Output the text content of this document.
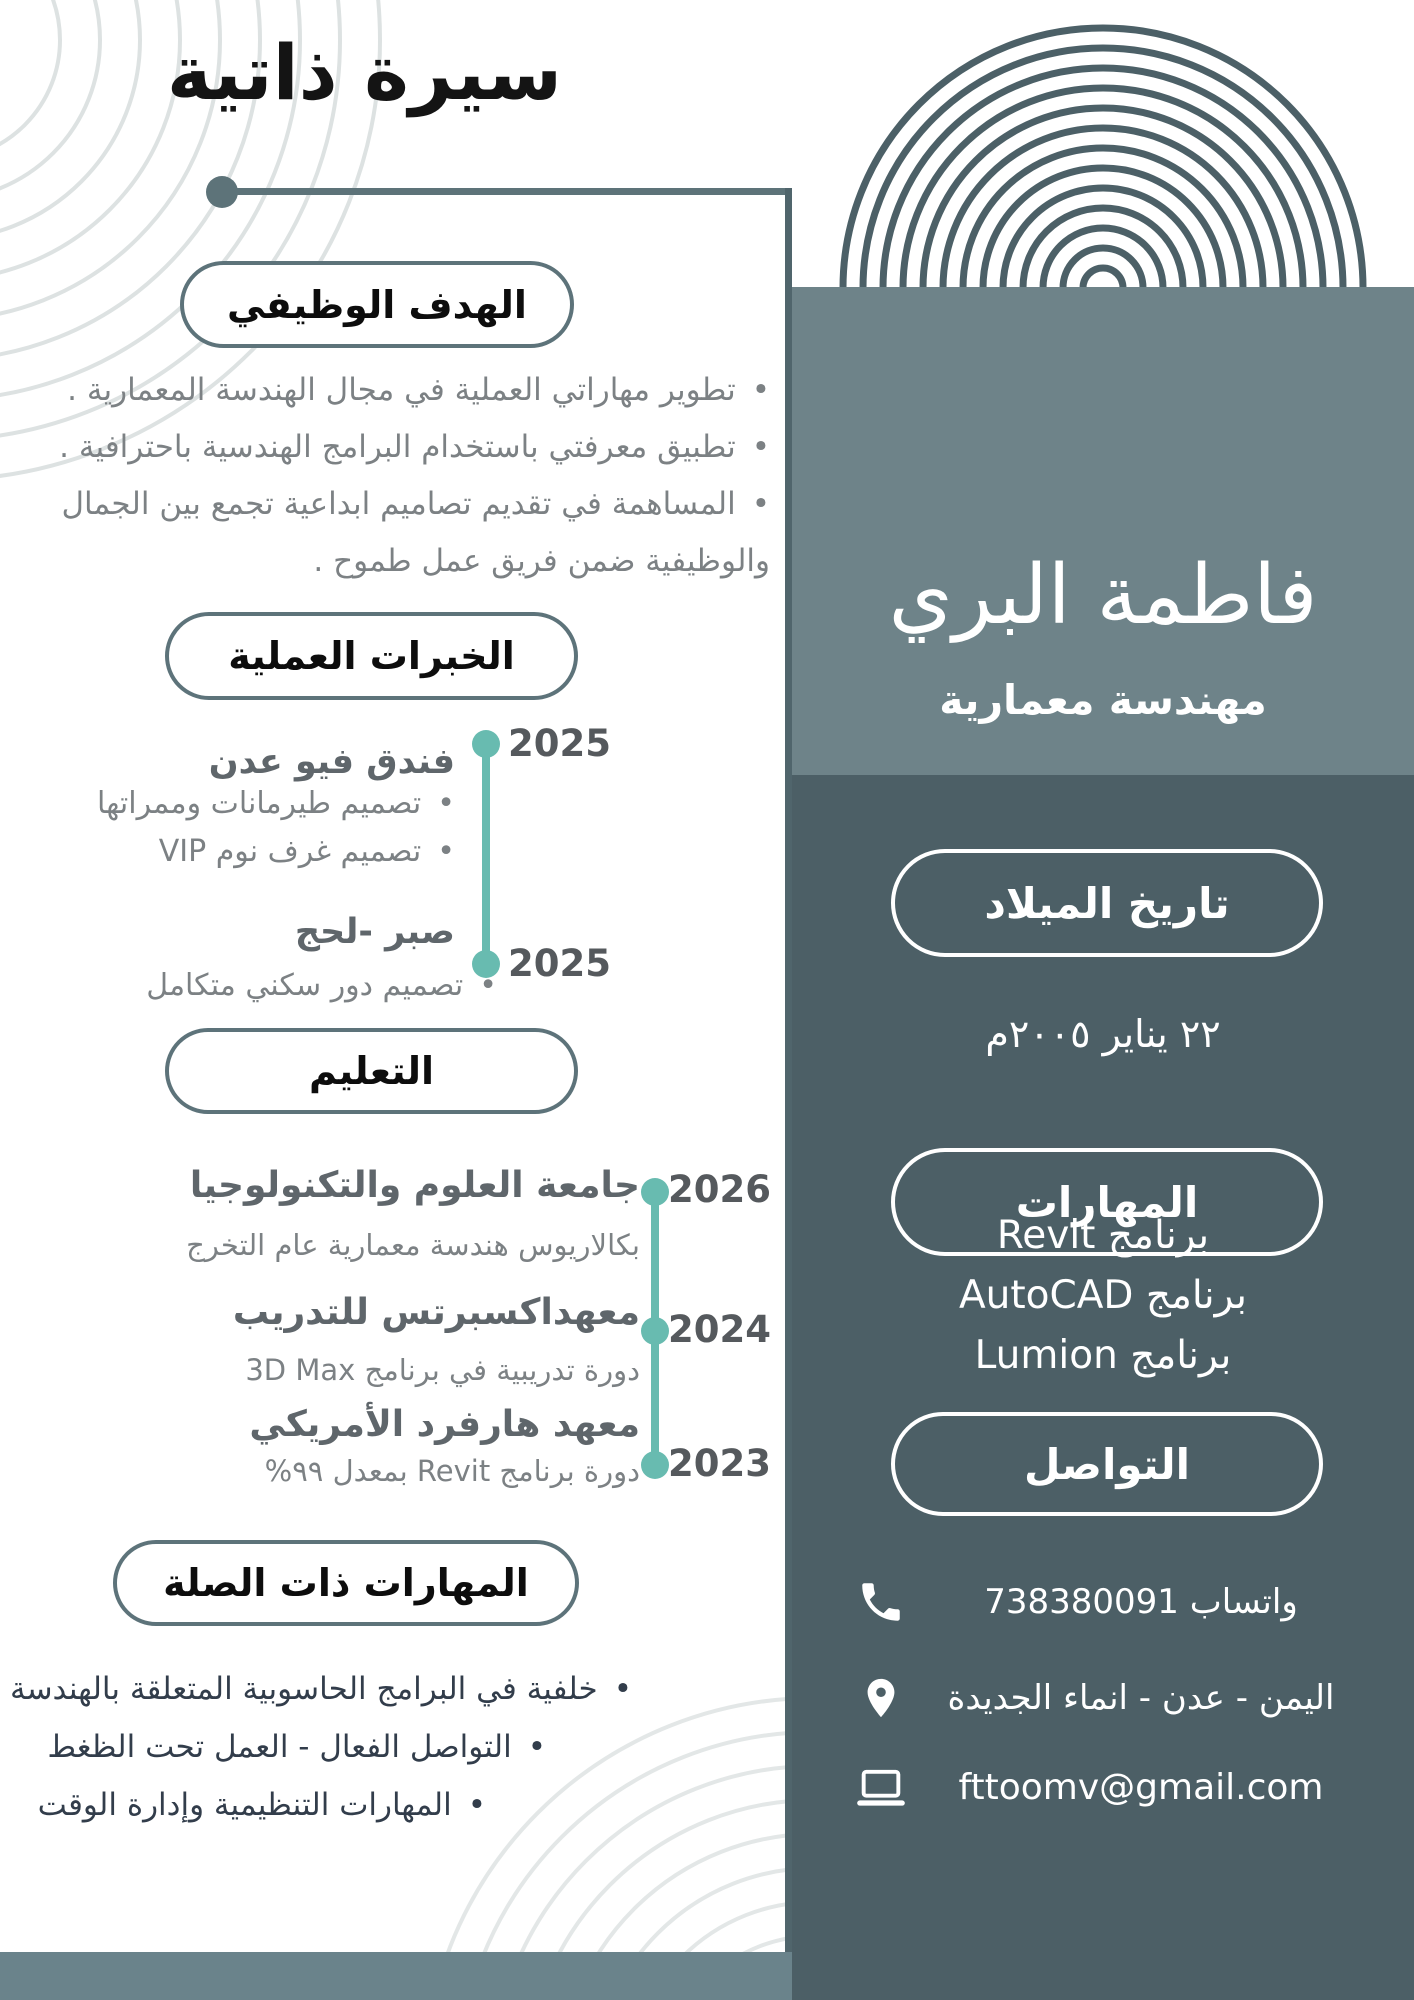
سيرة ذاتية
الهدف الوظيفي
•تطوير مهاراتي العملية في مجال الهندسة المعمارية .
•تطبيق معرفتي باستخدام البرامج الهندسية باحترافية .
•المساهمة في تقديم تصاميم ابداعية تجمع بين الجمال والوظيفية ضمن فريق عمل طموح .
الخبرات العملية
2025
فندق فيو عدن
•تصميم طيرمانات وممراتها
•تصميم غرف نوم VIP
صبر -لحج
2025
•تصميم دور سكني متكامل
التعليم
2026
2024
2023
جامعة العلوم والتكنولوجيا
بكالاريوس هندسة معمارية عام التخرج
معهداكسبرتس للتدريب
دورة تدريبية في برنامج 3D Max
معهد هارفرد الأمريكي
دورة برنامج Revit بمعدل ٩٩%
المهارات ذات الصلة
•خلفية في البرامج الحاسوبية المتعلقة بالهندسة
•التواصل الفعال - العمل تحت الظغط
•المهارات التنظيمية وإدارة الوقت
فاطمة البري
مهندسة معمارية
تاريخ الميلاد
٢٢ يناير ٢٠٠٥م
المهارات
برنامج Revit
برنامج AutoCAD
برنامج Lumion
التواصل
واتساب 738380091
اليمن - عدن - انماء الجديدة
fttoomv@gmail.com
